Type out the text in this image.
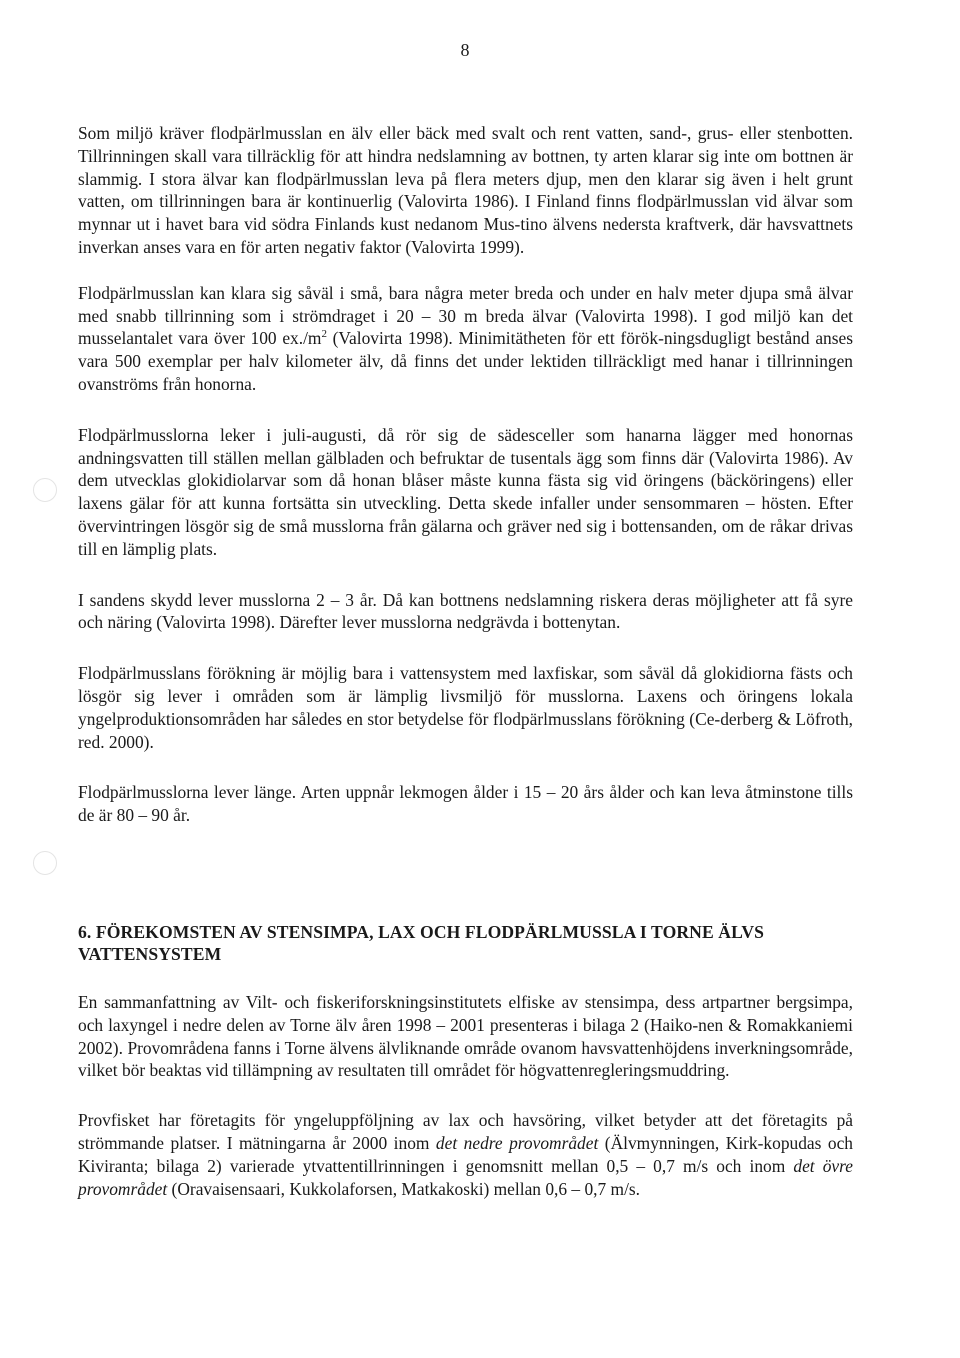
8

Som miljö kräver flodpärlmusslan en älv eller bäck med svalt och rent vatten, sand-, grus- eller stenbotten. Tillrinningen skall vara tillräcklig för att hindra nedslamning av bottnen, ty arten klarar sig inte om bottnen är slammig. I stora älvar kan flodpärlmusslan leva på flera meters djup, men den klarar sig även i helt grunt vatten, om tillrinningen bara är kontinuerlig (Valovirta 1986). I Finland finns flodpärlmusslan vid älvar som mynnar ut i havet bara vid södra Finlands kust nedanom Mus-tino älvens nedersta kraftverk, där havsvattnets inverkan anses vara en för arten negativ faktor (Valovirta 1999).

Flodpärlmusslan kan klara sig såväl i små, bara några meter breda och under en halv meter djupa små älvar med snabb tillrinning som i strömdraget i 20 – 30 m breda älvar (Valovirta 1998). I god miljö kan det musselantalet vara över 100 $ex./m^2$ (Valovirta 1998). Minimitätheten för ett förök-ningsdugligt bestånd anses vara 500 exemplar per halv kilometer älv, då finns det under lektiden tillräckligt med hanar i tillrinningen ovanströms från honorna.

Flodpärlmusslorna leker i juli-augusti, då rör sig de sädesceller som hanarna lägger med honornas andningsvatten till ställen mellan gälbladen och befruktar de tusentals ägg som finns där (Valovirta 1986). Av dem utvecklas glokidiolarvar som då honan blåser måste kunna fästa sig vid öringens (bäcköringens) eller laxens gälar för att kunna fortsätta sin utveckling. Detta skede infaller under sensommaren – hösten. Efter övervintringen lösgör sig de små musslorna från gälarna och gräver ned sig i bottensanden, om de råkar drivas till en lämplig plats.

I sandens skydd lever musslorna 2 – 3 år. Då kan bottnens nedslamning riskera deras möjligheter att få syre och näring (Valovirta 1998). Därefter lever musslorna nedgrävda i bottenytan.

Flodpärlmusslans förökning är möjlig bara i vattensystem med laxfiskar, som såväl då glokidiorna fästs och lösgör sig lever i områden som är lämplig livsmiljö för musslorna. Laxens och öringens lokala yngelproduktionsområden har således en stor betydelse för flodpärlmusslans förökning (Ce-derberg & Löfroth, red. 2000).

Flodpärlmusslorna lever länge. Arten uppnår lekmogen ålder i 15 – 20 års ålder och kan leva åtminstone tills de är 80 – 90 år.

6. FÖREKOMSTEN AV STENSIMPA, LAX OCH FLODPÄRLMUSSLA I TORNE ÄLVS VATTENSYSTEM

En sammanfattning av Vilt- och fiskeriforskningsinstitutets elfiske av stensimpa, dess artpartner bergsimpa, och laxyngel i nedre delen av Torne älv åren 1998 – 2001 presenteras i bilaga 2 (Haiko-nen & Romakkaniemi 2002). Provområdena fanns i Torne älvens älvliknande område ovanom havsvattenhöjdens inverkningsområde, vilket bör beaktas vid tillämpning av resultaten till området för högvattenregleringsmuddring.

Provfisket har företagits för yngeluppföljning av lax och havsöring, vilket betyder att det företagits på strömmande platser. I mätningarna år 2000 inom det nedre provområdet (Älvmynningen, Kirk-kopudas och Kiviranta; bilaga 2) varierade ytvattentillrinningen i genomsnitt mellan 0,5 – 0,7 m/s och inom det övre provområdet (Oravaisensaari, Kukkolaforsen, Matkakoski) mellan 0,6 – 0,7 m/s.
